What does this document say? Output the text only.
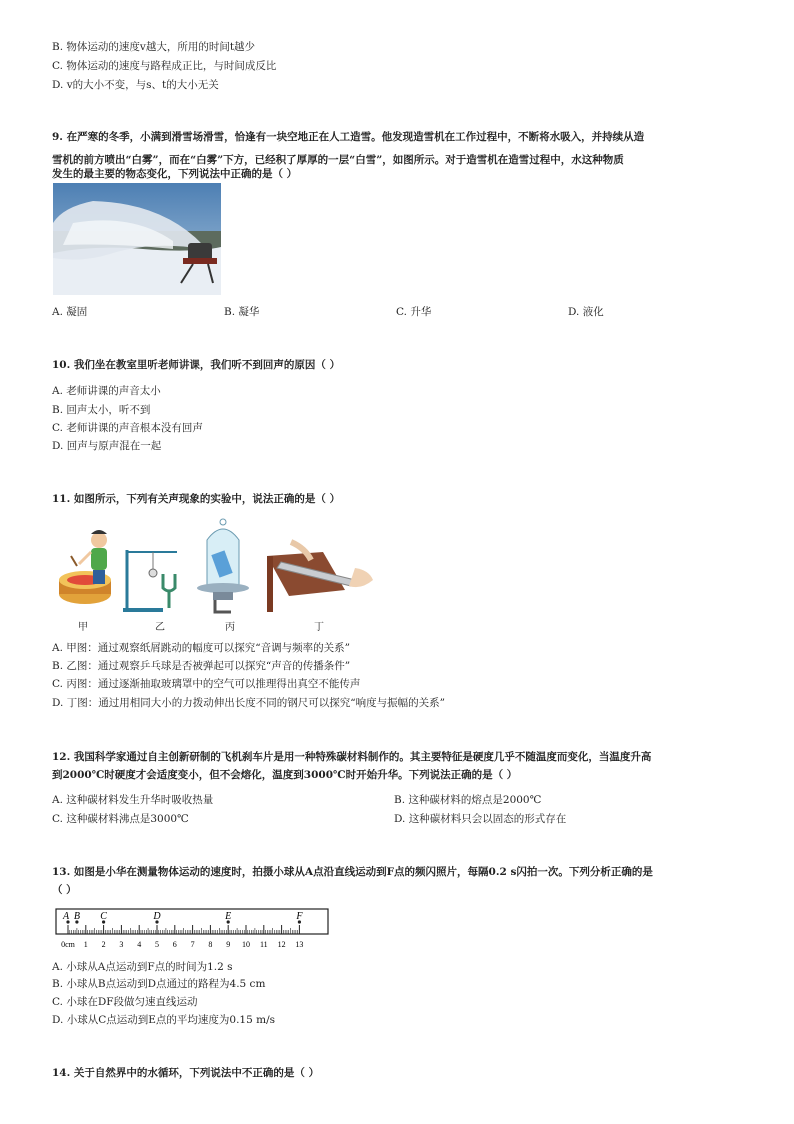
B. 物体运动的速度v越大，所用的时间t越少
C. 物体运动的速度与路程成正比，与时间成反比
D. v的大小不变，与s、t的大小无关
9. 在严寒的冬季，小满到滑雪场滑雪，恰逢有一块空地正在人工造雪。他发现造雪机在工作过程中，不断将水吸入，并持续从造
雪机的前方喷出“白雾”，而在“白雾”下方，已经积了厚厚的一层“白雪”，如图所示。对于造雪机在造雪过程中，水这种物质
发生的最主要的物态变化，下列说法中正确的是（ ）
A. 凝固	B. 凝华	C. 升华	D. 液化
10. 我们坐在教室里听老师讲课，我们听不到回声的原因（ ）
A. 老师讲课的声音太小
B. 回声太小，听不到
C. 老师讲课的声音根本没有回声
D. 回声与原声混在一起
11. 如图所示，下列有关声现象的实验中，说法正确的是（ ）
甲	乙	丙	丁
A. 甲图：通过观察纸屑跳动的幅度可以探究“音调与频率的关系”
B. 乙图：通过观察乒乓球是否被弹起可以探究“声音的传播条件”
C. 丙图：通过逐渐抽取玻璃罩中的空气可以推理得出真空不能传声
D. 丁图：通过用相同大小的力拨动伸出长度不同的钢尺可以探究“响度与振幅的关系”
12. 我国科学家通过自主创新研制的飞机刹车片是用一种特殊碳材料制作的。其主要特征是硬度几乎不随温度而变化，当温度升高
到2000℃时硬度才会适度变小，但不会熔化，温度到3000℃时开始升华。下列说法正确的是（ ）
A. 这种碳材料发生升华时吸收热量	B. 这种碳材料的熔点是2000℃
C. 这种碳材料沸点是3000℃	D. 这种碳材料只会以固态的形式存在
13. 如图是小华在测量物体运动的速度时，拍摄小球从A点沿直线运动到F点的频闪照片，每隔0.2 s闪拍一次。下列分析正确的是
（ ）
A B C	D	E	F
0cm 1 2 3 4 5 6 7 8 9 10 11 12 13
A. 小球从A点运动到F点的时间为1.2 s
B. 小球从B点运动到D点通过的路程为4.5 cm
C. 小球在DF段做匀速直线运动
D. 小球从C点运动到E点的平均速度为0.15 m/s
14. 关于自然界中的水循环，下列说法中不正确的是（ ）
